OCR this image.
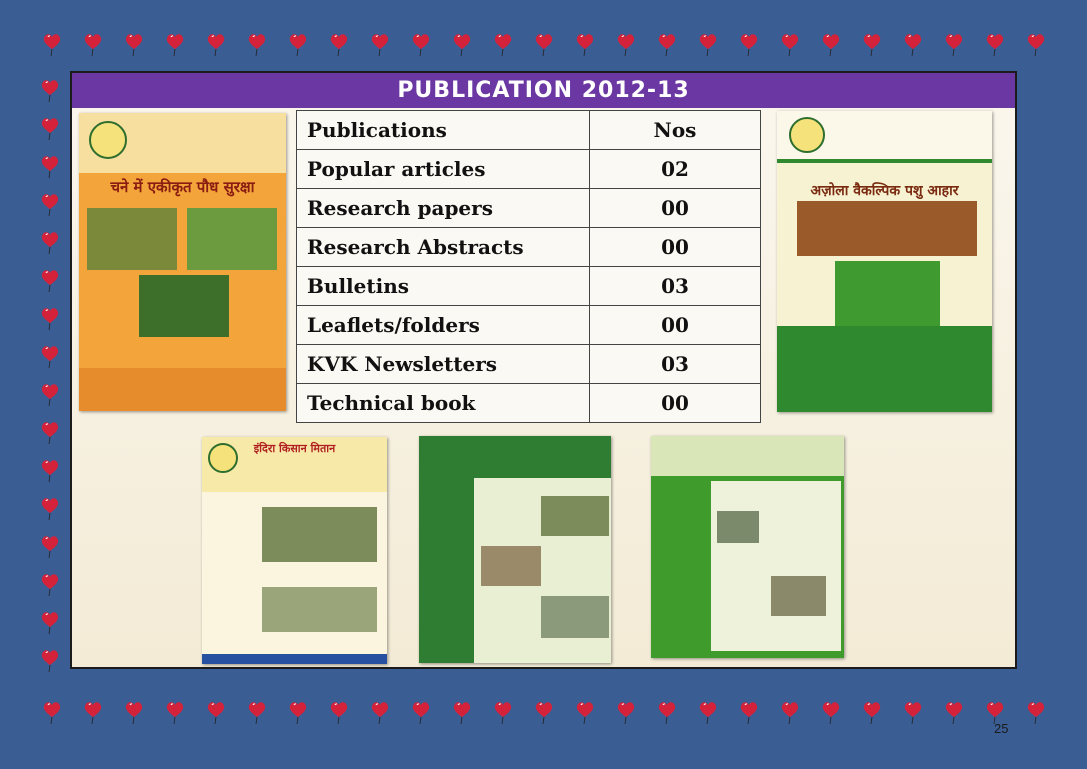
PUBLICATION 2012-13
चने में एकीकृत पौध सुरक्षा
Publications	Nos
Popular articles	02
Research papers	00
Research Abstracts	00
Bulletins	03
Leaflets/folders	00
KVK Newsletters	03
Technical book	00
अज़ोला वैकल्पिक पशु आहार
इंदिरा किसान मितान
25
